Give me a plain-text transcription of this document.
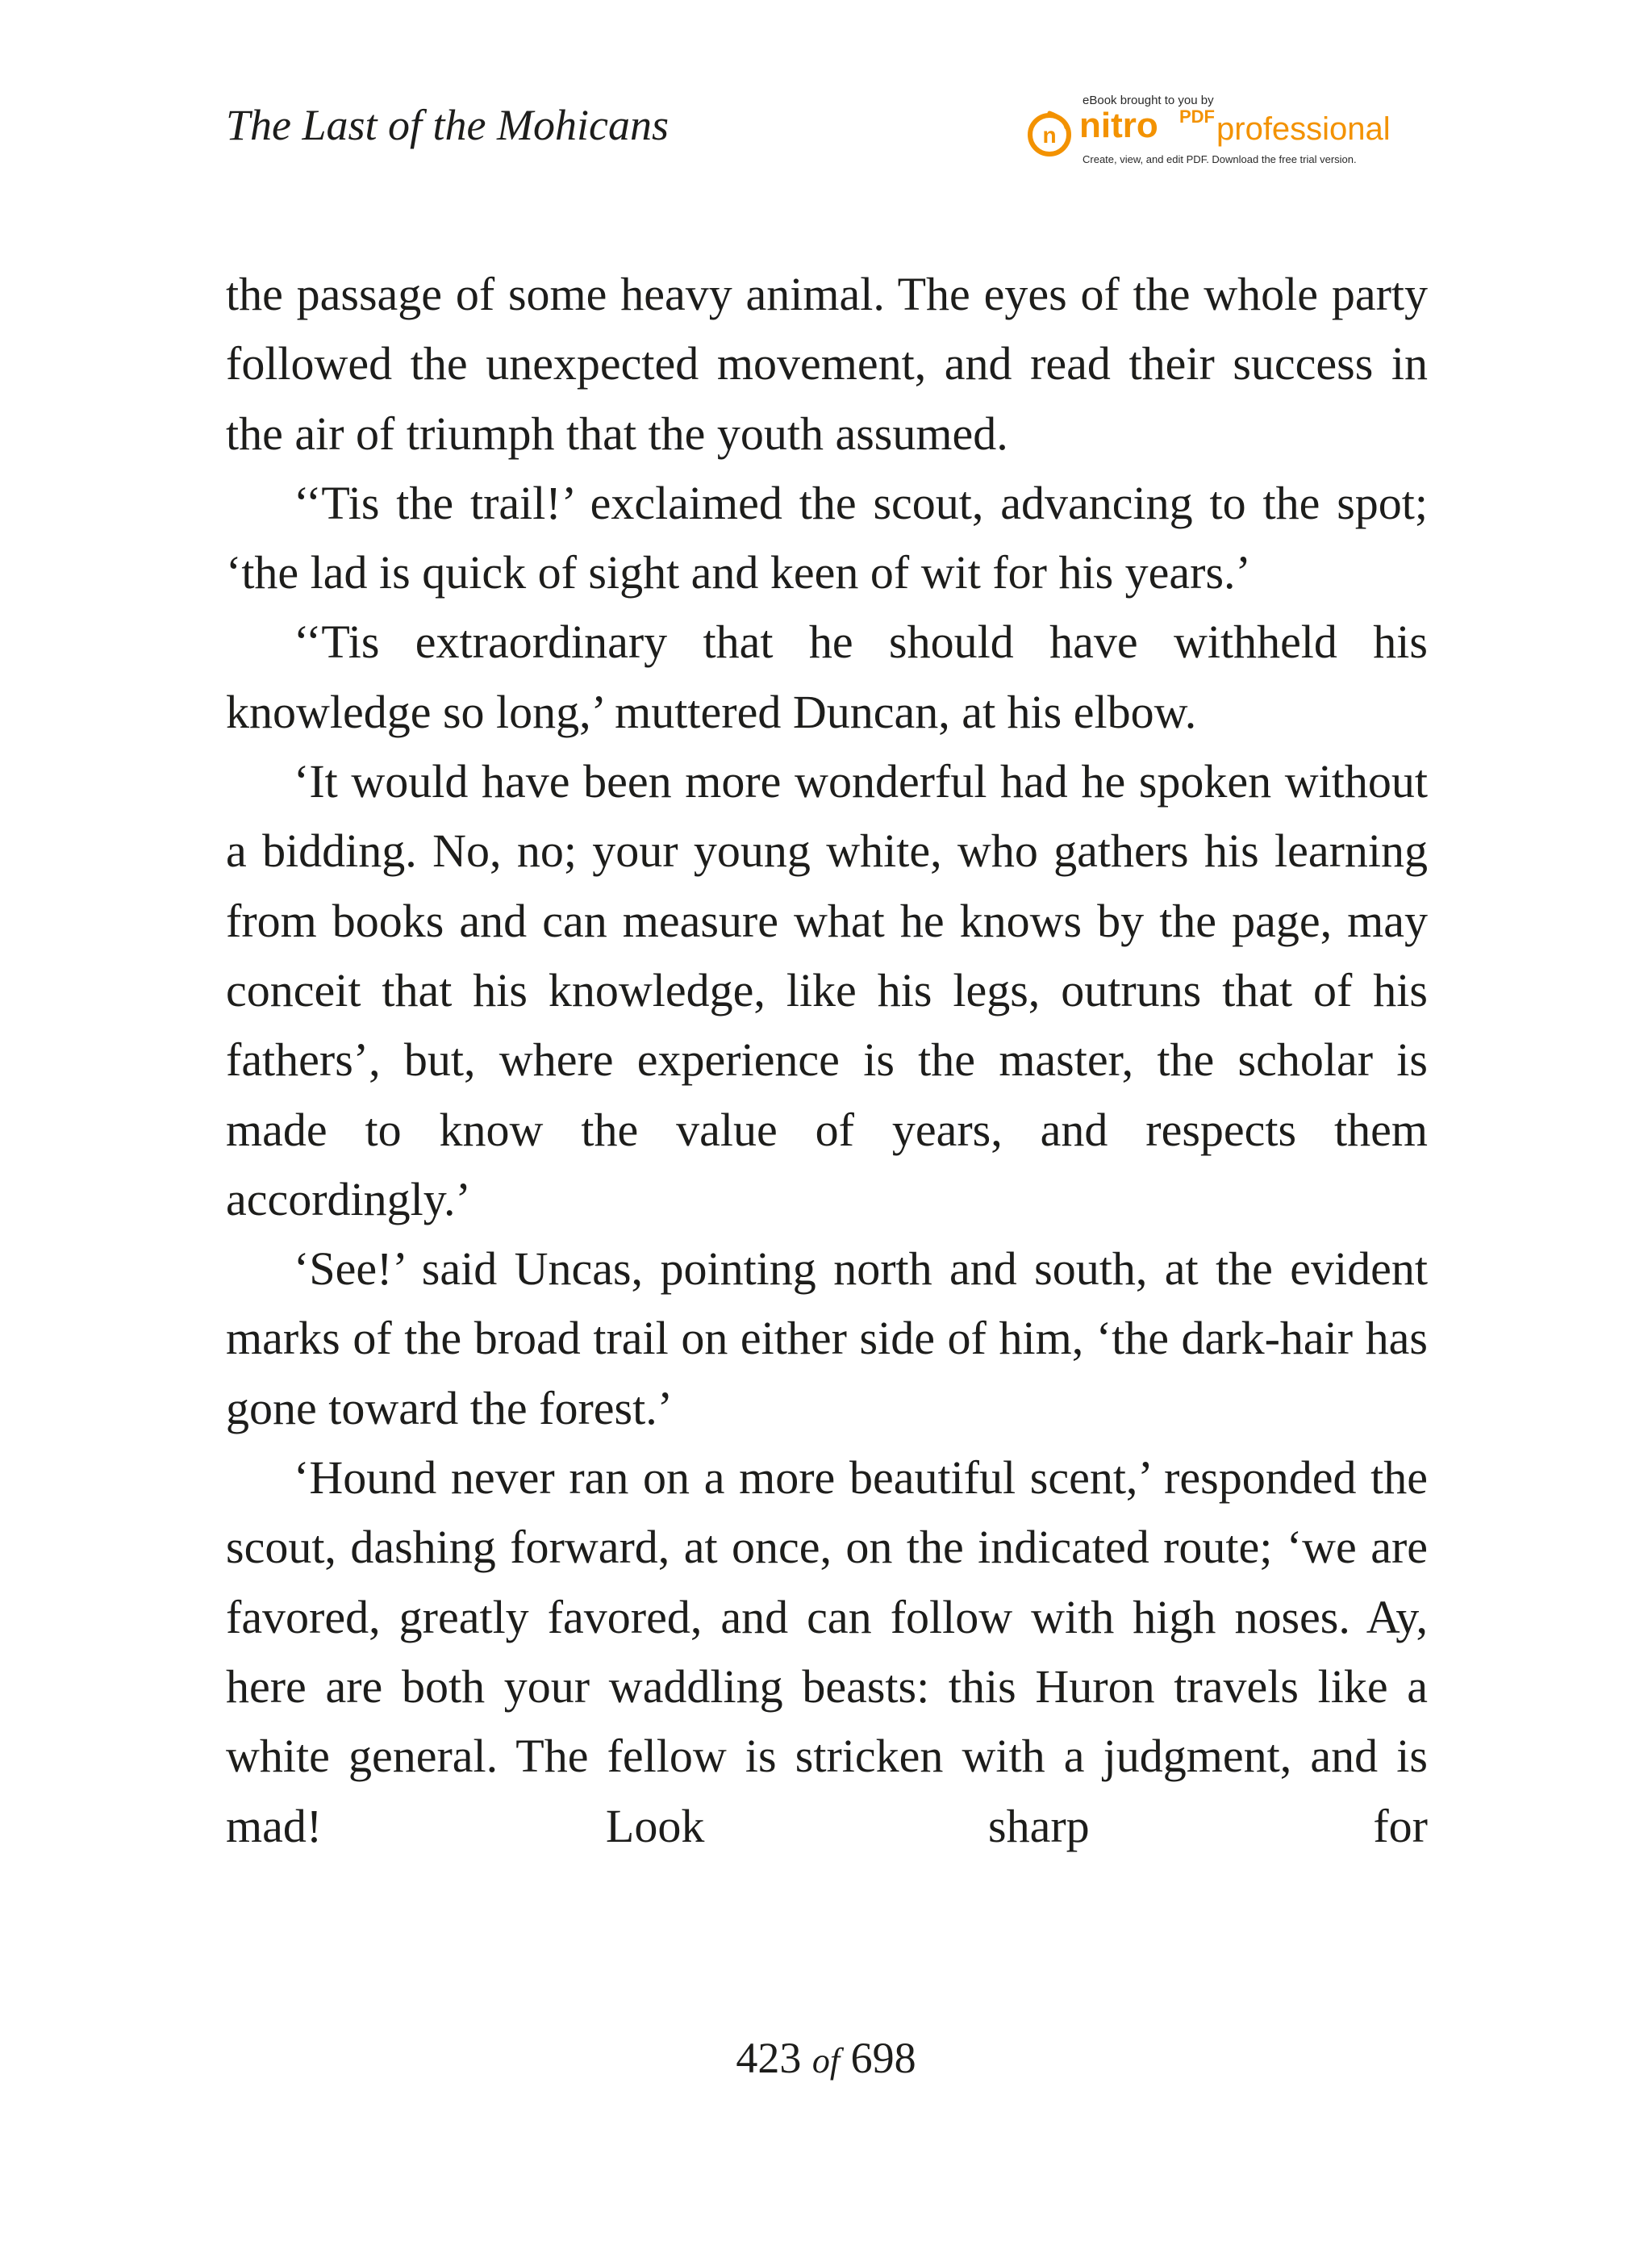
The Last of the Mohicans
eBook brought to you by
n nitro PDF professional
Create, view, and edit PDF. Download the free trial version.

the passage of some heavy animal. The eyes of the whole party followed the unexpected movement, and read their success in the air of triumph that the youth assumed.

‘‘Tis the trail!’ exclaimed the scout, advancing to the spot; ‘the lad is quick of sight and keen of wit for his years.’

‘‘Tis extraordinary that he should have withheld his knowledge so long,’ muttered Duncan, at his elbow.

‘It would have been more wonderful had he spoken without a bidding. No, no; your young white, who gathers his learning from books and can measure what he knows by the page, may conceit that his knowledge, like his legs, outruns that of his fathers’, but, where experience is the master, the scholar is made to know the value of years, and respects them accordingly.’

‘See!’ said Uncas, pointing north and south, at the evident marks of the broad trail on either side of him, ‘the dark-hair has gone toward the forest.’

‘Hound never ran on a more beautiful scent,’ responded the scout, dashing forward, at once, on the indicated route; ‘we are favored, greatly favored, and can follow with high noses. Ay, here are both your waddling beasts: this Huron travels like a white general. The fellow is stricken with a judgment, and is mad! Look sharp for

423 of 698
